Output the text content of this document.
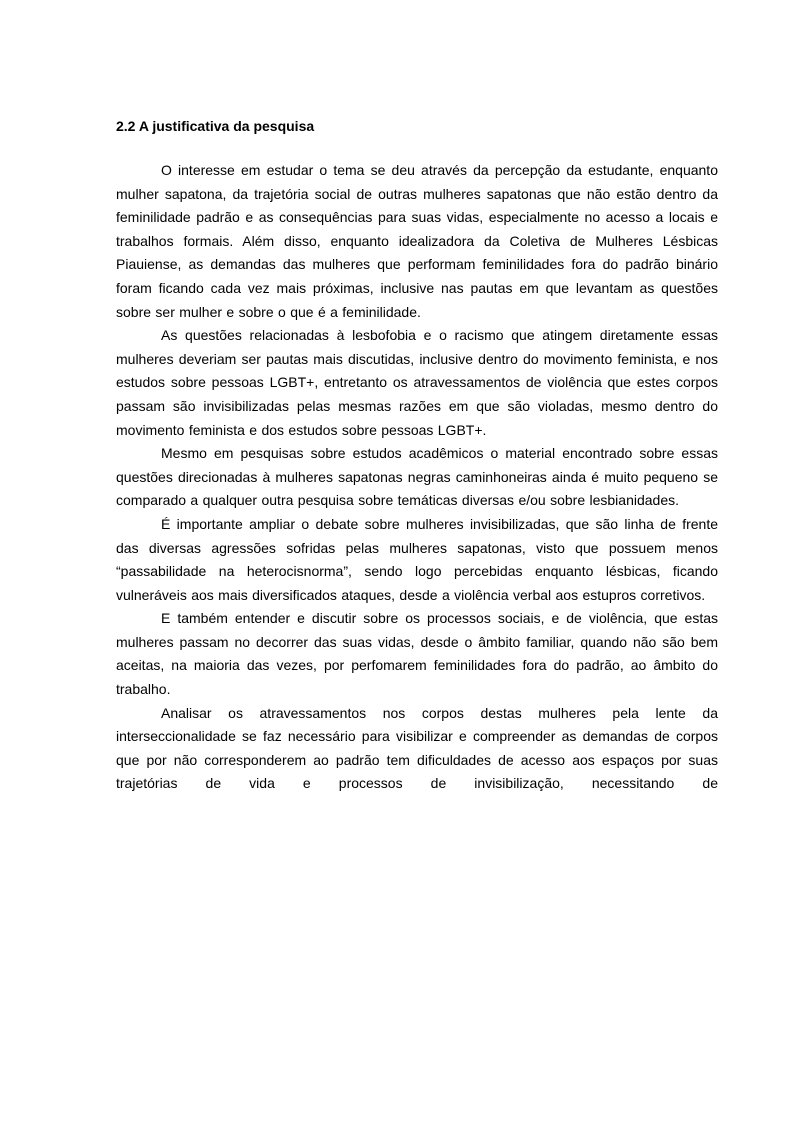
2.2 A justificativa da pesquisa

O interesse em estudar o tema se deu através da percepção da estudante, enquanto mulher sapatona, da trajetória social de outras mulheres sapatonas que não estão dentro da feminilidade padrão e as consequências para suas vidas, especialmente no acesso a locais e trabalhos formais. Além disso, enquanto idealizadora da Coletiva de Mulheres Lésbicas Piauiense, as demandas das mulheres que performam feminilidades fora do padrão binário foram ficando cada vez mais próximas, inclusive nas pautas em que levantam as questões sobre ser mulher e sobre o que é a feminilidade.

As questões relacionadas à lesbofobia e o racismo que atingem diretamente essas mulheres deveriam ser pautas mais discutidas, inclusive dentro do movimento feminista, e nos estudos sobre pessoas LGBT+, entretanto os atravessamentos de violência que estes corpos passam são invisibilizadas pelas mesmas razões em que são violadas, mesmo dentro do movimento feminista e dos estudos sobre pessoas LGBT+.

Mesmo em pesquisas sobre estudos acadêmicos o material encontrado sobre essas questões direcionadas à mulheres sapatonas negras caminhoneiras ainda é muito pequeno se comparado a qualquer outra pesquisa sobre temáticas diversas e/ou sobre lesbianidades.

É importante ampliar o debate sobre mulheres invisibilizadas, que são linha de frente das diversas agressões sofridas pelas mulheres sapatonas, visto que possuem menos “passabilidade na heterocisnorma”, sendo logo percebidas enquanto lésbicas, ficando vulneráveis aos mais diversificados ataques, desde a violência verbal aos estupros corretivos.

E também entender e discutir sobre os processos sociais, e de violência, que estas mulheres passam no decorrer das suas vidas, desde o âmbito familiar, quando não são bem aceitas, na maioria das vezes, por perfomarem feminilidades fora do padrão, ao âmbito do trabalho.

Analisar os atravessamentos nos corpos destas mulheres pela lente da interseccionalidade se faz necessário para visibilizar e compreender as demandas de corpos que por não corresponderem ao padrão tem dificuldades de acesso aos espaços por suas trajetórias de vida e processos de invisibilização, necessitando de
